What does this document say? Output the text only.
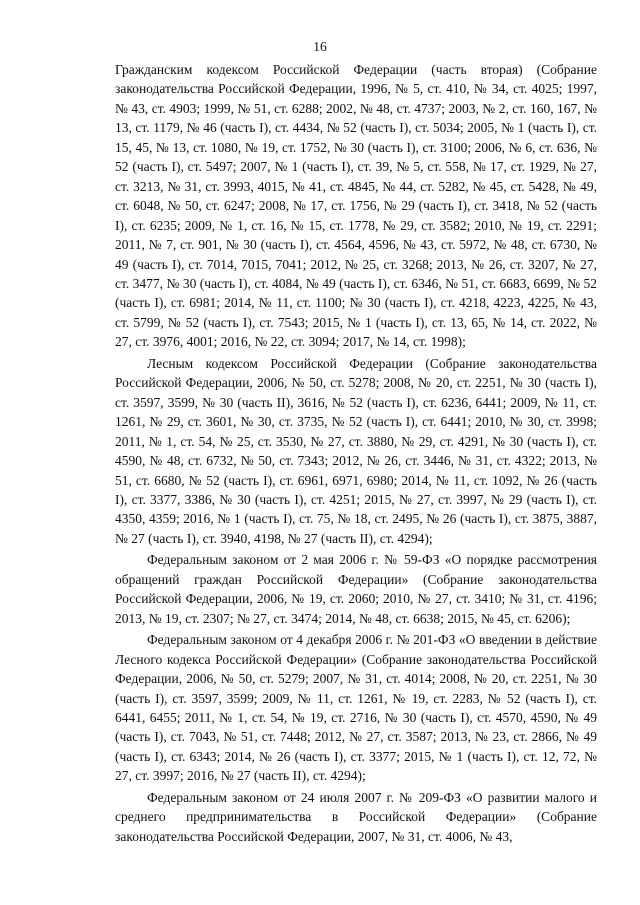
16

Гражданским кодексом Российской Федерации (часть вторая) (Собрание законодательства Российской Федерации, 1996, № 5, ст. 410, № 34, ст. 4025; 1997, № 43, ст. 4903; 1999, № 51, ст. 6288; 2002, № 48, ст. 4737; 2003, № 2, ст. 160, 167, № 13, ст. 1179, № 46 (часть I), ст. 4434, № 52 (часть I), ст. 5034; 2005, № 1 (часть I), ст. 15, 45, № 13, ст. 1080, № 19, ст. 1752, № 30 (часть I), ст. 3100; 2006, № 6, ст. 636, № 52 (часть I), ст. 5497; 2007, № 1 (часть I), ст. 39, № 5, ст. 558, № 17, ст. 1929, № 27, ст. 3213, № 31, ст. 3993, 4015, № 41, ст. 4845, № 44, ст. 5282, № 45, ст. 5428, № 49, ст. 6048, № 50, ст. 6247; 2008, № 17, ст. 1756, № 29 (часть I), ст. 3418, № 52 (часть I), ст. 6235; 2009, № 1, ст. 16, № 15, ст. 1778, № 29, ст. 3582; 2010, № 19, ст. 2291; 2011, № 7, ст. 901, № 30 (часть I), ст. 4564, 4596, № 43, ст. 5972, № 48, ст. 6730, № 49 (часть I), ст. 7014, 7015, 7041; 2012, № 25, ст. 3268; 2013, № 26, ст. 3207, № 27, ст. 3477, № 30 (часть I), ст. 4084, № 49 (часть I), ст. 6346, № 51, ст. 6683, 6699, № 52 (часть I), ст. 6981; 2014, № 11, ст. 1100; № 30 (часть I), ст. 4218, 4223, 4225, № 43, ст. 5799, № 52 (часть I), ст. 7543; 2015, № 1 (часть I), ст. 13, 65, № 14, ст. 2022, № 27, ст. 3976, 4001; 2016, № 22, ст. 3094; 2017, № 14, ст. 1998);

Лесным кодексом Российской Федерации (Собрание законодательства Российской Федерации, 2006, № 50, ст. 5278; 2008, № 20, ст. 2251, № 30 (часть I), ст. 3597, 3599, № 30 (часть II), 3616, № 52 (часть I), ст. 6236, 6441; 2009, № 11, ст. 1261, № 29, ст. 3601, № 30, ст. 3735, № 52 (часть I), ст. 6441; 2010, № 30, ст. 3998; 2011, № 1, ст. 54, № 25, ст. 3530, № 27, ст. 3880, № 29, ст. 4291, № 30 (часть I), ст. 4590, № 48, ст. 6732, № 50, ст. 7343; 2012, № 26, ст. 3446, № 31, ст. 4322; 2013, № 51, ст. 6680, № 52 (часть I), ст. 6961, 6971, 6980; 2014, № 11, ст. 1092, № 26 (часть I), ст. 3377, 3386, № 30 (часть I), ст. 4251; 2015, № 27, ст. 3997, № 29 (часть I), ст. 4350, 4359; 2016, № 1 (часть I), ст. 75, № 18, ст. 2495, № 26 (часть I), ст. 3875, 3887, № 27 (часть I), ст. 3940, 4198, № 27 (часть II), ст. 4294);

Федеральным законом от 2 мая 2006 г. № 59-ФЗ «О порядке рассмотрения обращений граждан Российской Федерации» (Собрание законодательства Российской Федерации, 2006, № 19, ст. 2060; 2010, № 27, ст. 3410; № 31, ст. 4196; 2013, № 19, ст. 2307; № 27, ст. 3474; 2014, № 48, ст. 6638; 2015, № 45, ст. 6206);

Федеральным законом от 4 декабря 2006 г. № 201-ФЗ «О введении в действие Лесного кодекса Российской Федерации» (Собрание законодательства Российской Федерации, 2006, № 50, ст. 5279; 2007, № 31, ст. 4014; 2008, № 20, ст. 2251, № 30 (часть I), ст. 3597, 3599; 2009, № 11, ст. 1261, № 19, ст. 2283, № 52 (часть I), ст. 6441, 6455; 2011, № 1, ст. 54, № 19, ст. 2716, № 30 (часть I), ст. 4570, 4590, № 49 (часть I), ст. 7043, № 51, ст. 7448; 2012, № 27, ст. 3587; 2013, № 23, ст. 2866, № 49 (часть I), ст. 6343; 2014, № 26 (часть I), ст. 3377; 2015, № 1 (часть I), ст. 12, 72, № 27, ст. 3997; 2016, № 27 (часть II), ст. 4294);

Федеральным законом от 24 июля 2007 г. № 209-ФЗ «О развитии малого и среднего предпринимательства в Российской Федерации» (Собрание законодательства Российской Федерации, 2007, № 31, ст. 4006, № 43,
